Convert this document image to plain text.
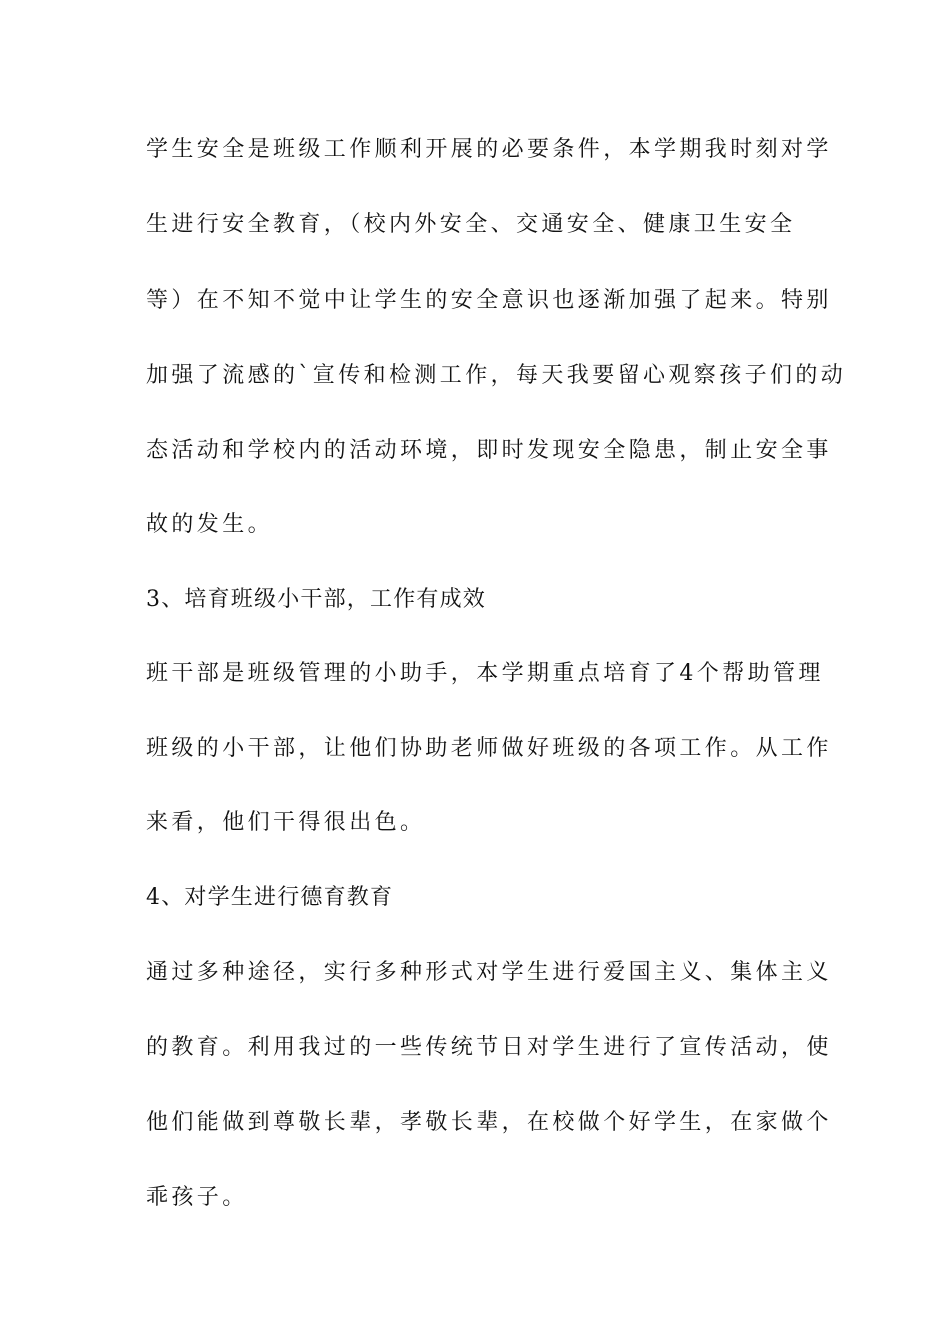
学生安全是班级工作顺利开展的必要条件，本学期我时刻对学
生进行安全教育，（校内外安全、交通安全、健康卫生安全
等）在不知不觉中让学生的安全意识也逐渐加强了起来。特别
加强了流感的`宣传和检测工作，每天我要留心观察孩子们的动
态活动和学校内的活动环境，即时发现安全隐患，制止安全事
故的发生。
3、培育班级小干部，工作有成效
班干部是班级管理的小助手，本学期重点培育了4个帮助管理
班级的小干部，让他们协助老师做好班级的各项工作。从工作
来看，他们干得很出色。
4、对学生进行德育教育
通过多种途径，实行多种形式对学生进行爱国主义、集体主义
的教育。利用我过的一些传统节日对学生进行了宣传活动，使
他们能做到尊敬长辈，孝敬长辈，在校做个好学生，在家做个
乖孩子。
